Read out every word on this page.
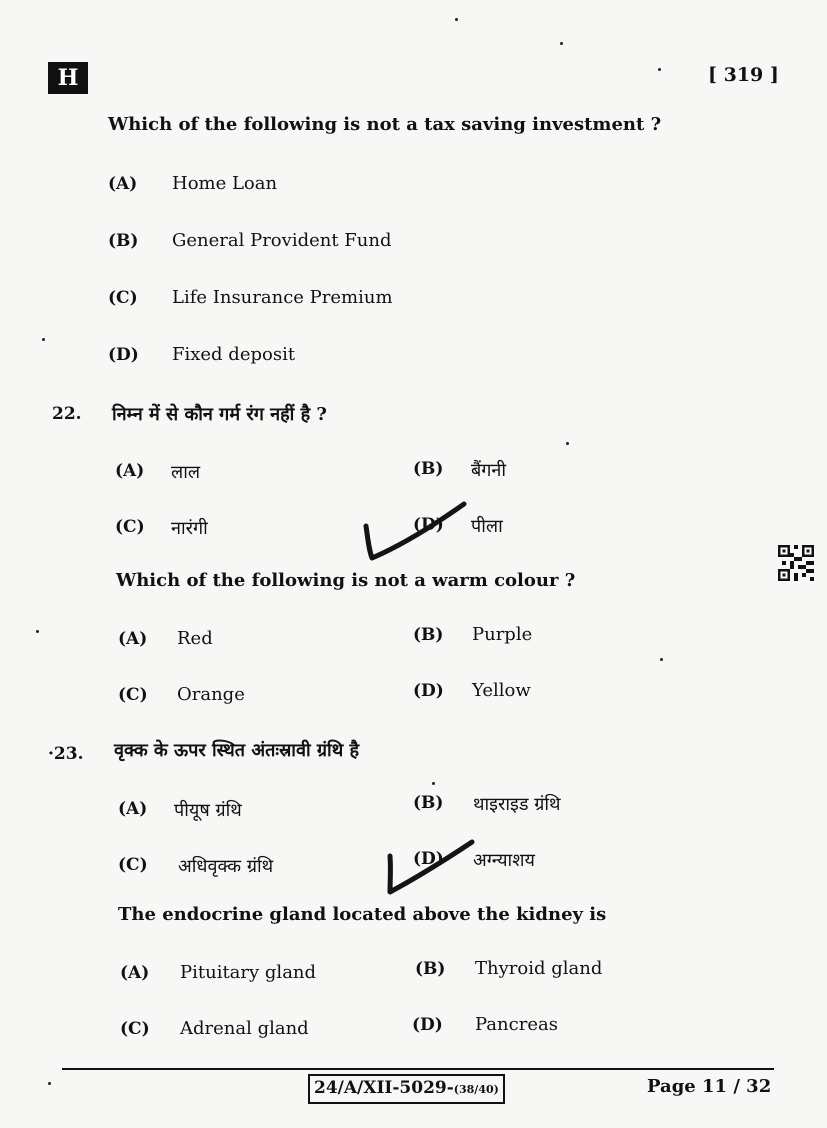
H	[ 319 ]
Which of the following is not a tax saving investment ?
(A) Home Loan
(B) General Provident Fund
(C) Life Insurance Premium
(D) Fixed deposit
22. निम्न में से कौन गर्म रंग नहीं है ?
(A) लाल	(B) बैंगनी
(C) नारंगी	(D) पीला
Which of the following is not a warm colour ?
(A) Red	(B) Purple
(C) Orange	(D) Yellow
·23. वृक्क के ऊपर स्थित अंतःस्रावी ग्रंथि है
(A) पीयूष ग्रंथि	(B) थाइराइड ग्रंथि
(C) अधिवृक्क ग्रंथि	(D) अग्न्याशय
The endocrine gland located above the kidney is
(A) Pituitary gland	(B) Thyroid gland
(C) Adrenal gland	(D) Pancreas
24/A/XII-5029-(38/40)	Page 11 / 32
